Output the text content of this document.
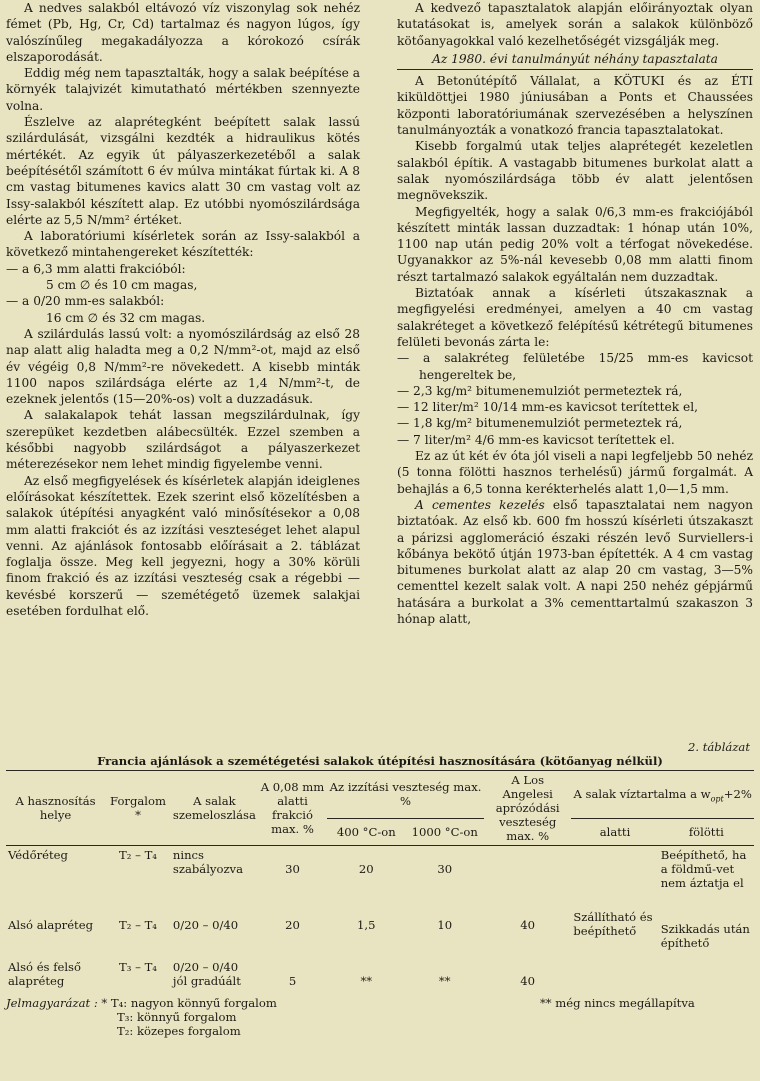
A nedves salakból eltávozó víz viszonylag sok nehéz fémet (Pb, Hg, Cr, Cd) tartalmaz és nagyon lúgos, így valószínűleg megakadályozza a kórokozó csírák elszaporodását.

Eddig még nem tapasztalták, hogy a salak beépítése a környék talajvizét kimutatható mértékben szennyezte volna.

Észlelve az alaprétegként beépített salak lassú szilárdulását, vizsgálni kezdték a hidraulikus kötés mértékét. Az egyik út pályaszerkezetéből a salak beépítésétől számított 6 év múlva mintákat fúrtak ki. A 8 cm vastag bitumenes kavics alatt 30 cm vastag volt az Issy-salakból készített alap. Ez utóbbi nyomószilárdsága elérte az 5,5 N/mm² értéket.

A laboratóriumi kísérletek során az Issy-salakból a következő mintahengereket készítették:

— a 6,3 mm alatti frakcióból:

5 cm ∅ és 10 cm magas,

— a 0/20 mm-es salakból:

16 cm ∅ és 32 cm magas.

A szilárdulás lassú volt: a nyomószilárdság az első 28 nap alatt alig haladta meg a 0,2 N/mm²-ot, majd az első év végéig 0,8 N/mm²-re növekedett. A kisebb minták 1100 napos szilárdsága elérte az 1,4 N/mm²-t, de ezeknek jelentős (15—20%-os) volt a duzzadásuk.

A salakalapok tehát lassan megszilárdulnak, így szerepüket kezdetben alábecsülték. Ezzel szemben a későbbi nagyobb szilárdságot a pályaszerkezet méterezésekor nem lehet mindig figyelembe venni.

Az első megfigyelések és kísérletek alapján ideiglenes előírásokat készítettek. Ezek szerint első közelítésben a salakok útépítési anyagként való minősítésekor a 0,08 mm alatti frakciót és az izzítási veszteséget lehet alapul venni. Az ajánlások fontosabb előírásait a 2. táblázat foglalja össze. Meg kell jegyezni, hogy a 30% körüli finom frakció és az izzítási veszteség csak a régebbi — kevésbé korszerű — szemétégető üzemek salakjai esetében fordulhat elő.

A kedvező tapasztalatok alapján előirányoztak olyan kutatásokat is, amelyek során a salakok különböző kötőanyagokkal való kezelhetőségét vizsgálják meg.

Az 1980. évi tanulmányút néhány tapasztalata

A Betonútépítő Vállalat, a KÖTUKI és az ÉTI kiküldöttjei 1980 júniusában a Ponts et Chaussées központi laboratóriumának szervezésében a helyszínen tanulmányozták a vonatkozó francia tapasztalatokat.

Kisebb forgalmú utak teljes alaprétegét kezeletlen salakból építik. A vastagabb bitumenes burkolat alatt a salak nyomószilárdsága több év alatt jelentősen megnövekszik.

Megfigyelték, hogy a salak 0/6,3 mm-es frakciójából készített minták lassan duzzadtak: 1 hónap után 10%, 1100 nap után pedig 20% volt a térfogat növekedése. Ugyanakkor az 5%-nál kevesebb 0,08 mm alatti finom részt tartalmazó salakok egyáltalán nem duzzadtak.

Biztatóak annak a kísérleti útszakasznak a megfigyelési eredményei, amelyen a 40 cm vastag salakréteget a következő felépítésű kétrétegű bitumenes felületi bevonás zárta le:

— a salakréteg felületébe 15/25 mm-es kavicsot hengereltek be,

— 2,3 kg/m² bitumenemulziót permeteztek rá,

— 12 liter/m² 10/14 mm-es kavicsot terítettek el,

— 1,8 kg/m² bitumenemulziót permeteztek rá,

— 7 liter/m² 4/6 mm-es kavicsot terítettek el.

Ez az út két év óta jól viseli a napi legfeljebb 50 nehéz (5 tonna fölötti hasznos terhelésű) jármű forgalmát. A behajlás a 6,5 tonna kerékterhelés alatt 1,0—1,5 mm.

A cementes kezelés első tapasztalatai nem nagyon biztatóak. Az első kb. 600 fm hosszú kísérleti útszakaszt a párizsi agglomeráció északi részén levő Surviellers-i kőbánya bekötő útján 1973-ban építették. A 4 cm vastag bitumenes burkolat alatt az alap 20 cm vastag, 3—5% cementtel kezelt salak volt. A napi 250 nehéz gépjármű hatására a burkolat a 3% cementtartalmú szakaszon 3 hónap alatt,

2. táblázat
Francia ajánlások a szemétégetési salakok útépítési hasznosítására (kötőanyag nélkül)
A hasznosítás helye	Forgalom *	A salak szemeloszlása	A 0,08 mm alatti frakció max. %	Az izzítási veszteség max. %		A Los Angelesi aprózódási veszteség max. %	A salak víztartalma a $w_{opt}+2\%$	
				400 °C-on	1000 °C-on		alatti	fölötti
Védőréteg	T₂ – T₄	nincs szabályozva	30	20	30			Beépíthető, ha a földmű-vet nem áztatja el
Alsó alapréteg	T₂ – T₄	0/20 – 0/40	20	1,5	10	40	Szállítható és beépíthető	Szikkadás után építhető
Alsó és felső alapréteg	T₃ – T₄	0/20 – 0/40 jól gradúált	5	**	**	40		
Jelmagyarázat : * T₄: nagyon könnyű forgalom
T₃: könnyű forgalom
T₂: közepes forgalom
** még nincs megállapítva
